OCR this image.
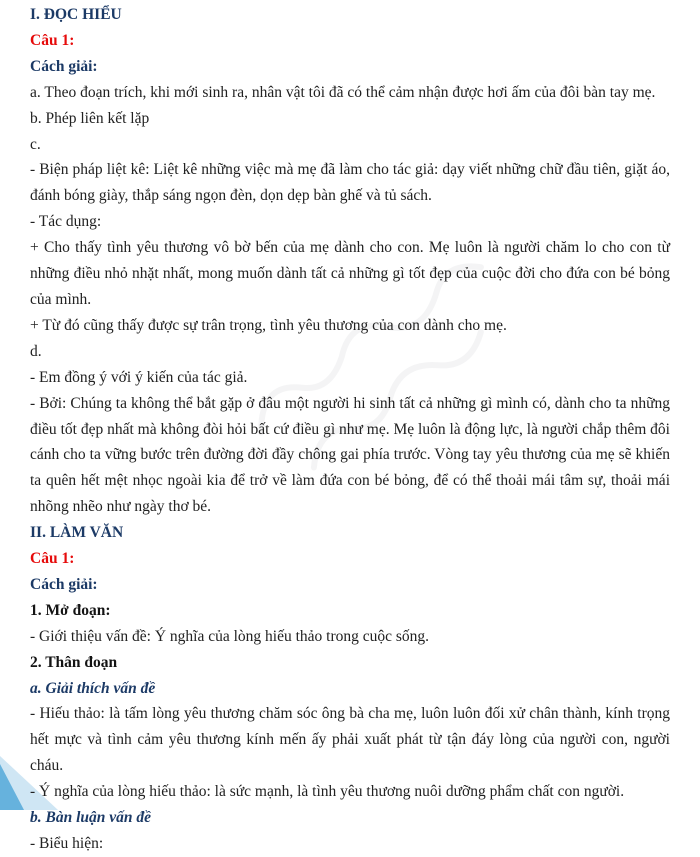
I. ĐỌC HIỂU

Câu 1:

Cách giải:

a. Theo đoạn trích, khi mới sinh ra, nhân vật tôi đã có thể cảm nhận được hơi ấm của đôi bàn tay mẹ.

b. Phép liên kết lặp

c.

- Biện pháp liệt kê: Liệt kê những việc mà mẹ đã làm cho tác giả: dạy viết những chữ đầu tiên, giặt áo, đánh bóng giày, thắp sáng ngọn đèn, dọn dẹp bàn ghế và tủ sách.

- Tác dụng:

+ Cho thấy tình yêu thương vô bờ bến của mẹ dành cho con. Mẹ luôn là người chăm lo cho con từ những điều nhỏ nhặt nhất, mong muốn dành tất cả những gì tốt đẹp của cuộc đời cho đứa con bé bỏng của mình.

+ Từ đó cũng thấy được sự trân trọng, tình yêu thương của con dành cho mẹ.

d.

- Em đồng ý với ý kiến của tác giả.

- Bởi: Chúng ta không thể bắt gặp ở đâu một người hi sinh tất cả những gì mình có, dành cho ta những điều tốt đẹp nhất mà không đòi hỏi bất cứ điều gì như mẹ. Mẹ luôn là động lực, là người chắp thêm đôi cánh cho ta vững bước trên đường đời đầy chông gai phía trước. Vòng tay yêu thương của mẹ sẽ khiến ta quên hết mệt nhọc ngoài kia để trở về làm đứa con bé bỏng, để có thể thoải mái tâm sự, thoải mái nhõng nhẽo như ngày thơ bé.

II. LÀM VĂN

Câu 1:

Cách giải:

1. Mở đoạn:

- Giới thiệu vấn đề: Ý nghĩa của lòng hiếu thảo trong cuộc sống.

2. Thân đoạn

a. Giải thích vấn đề

- Hiếu thảo: là tấm lòng yêu thương chăm sóc ông bà cha mẹ, luôn luôn đối xử chân thành, kính trọng hết mực và tình cảm yêu thương kính mến ấy phải xuất phát từ tận đáy lòng của người con, người cháu.

- Ý nghĩa của lòng hiếu thảo: là sức mạnh, là tình yêu thương nuôi dưỡng phẩm chất con người.

b. Bàn luận vấn đề

- Biểu hiện:
